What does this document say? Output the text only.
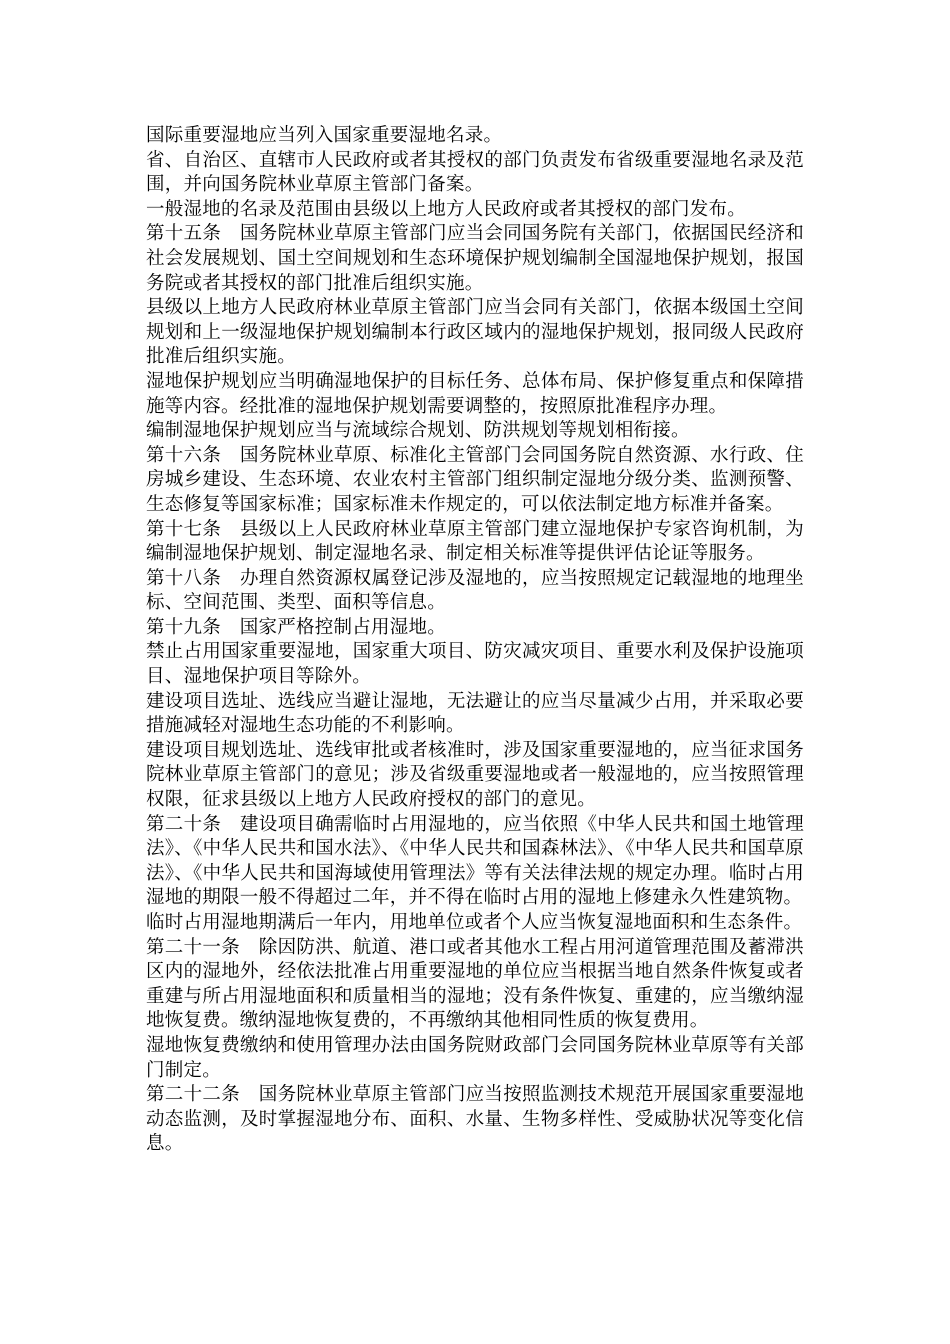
国际重要湿地应当列入国家重要湿地名录。

省、自治区、直辖市人民政府或者其授权的部门负责发布省级重要湿地名录及范围，并向国务院林业草原主管部门备案。

一般湿地的名录及范围由县级以上地方人民政府或者其授权的部门发布。

第十五条　国务院林业草原主管部门应当会同国务院有关部门，依据国民经济和社会发展规划、国土空间规划和生态环境保护规划编制全国湿地保护规划，报国务院或者其授权的部门批准后组织实施。

县级以上地方人民政府林业草原主管部门应当会同有关部门，依据本级国土空间规划和上一级湿地保护规划编制本行政区域内的湿地保护规划，报同级人民政府批准后组织实施。

湿地保护规划应当明确湿地保护的目标任务、总体布局、保护修复重点和保障措施等内容。经批准的湿地保护规划需要调整的，按照原批准程序办理。

编制湿地保护规划应当与流域综合规划、防洪规划等规划相衔接。

第十六条　国务院林业草原、标准化主管部门会同国务院自然资源、水行政、住房城乡建设、生态环境、农业农村主管部门组织制定湿地分级分类、监测预警、生态修复等国家标准；国家标准未作规定的，可以依法制定地方标准并备案。

第十七条　县级以上人民政府林业草原主管部门建立湿地保护专家咨询机制，为编制湿地保护规划、制定湿地名录、制定相关标准等提供评估论证等服务。

第十八条　办理自然资源权属登记涉及湿地的，应当按照规定记载湿地的地理坐标、空间范围、类型、面积等信息。

第十九条　国家严格控制占用湿地。

禁止占用国家重要湿地，国家重大项目、防灾减灾项目、重要水利及保护设施项目、湿地保护项目等除外。

建设项目选址、选线应当避让湿地，无法避让的应当尽量减少占用，并采取必要措施减轻对湿地生态功能的不利影响。

建设项目规划选址、选线审批或者核准时，涉及国家重要湿地的，应当征求国务院林业草原主管部门的意见；涉及省级重要湿地或者一般湿地的，应当按照管理权限，征求县级以上地方人民政府授权的部门的意见。

第二十条　建设项目确需临时占用湿地的，应当依照《中华人民共和国土地管理法》、《中华人民共和国水法》、《中华人民共和国森林法》、《中华人民共和国草原法》、《中华人民共和国海域使用管理法》等有关法律法规的规定办理。临时占用湿地的期限一般不得超过二年，并不得在临时占用的湿地上修建永久性建筑物。

临时占用湿地期满后一年内，用地单位或者个人应当恢复湿地面积和生态条件。

第二十一条　除因防洪、航道、港口或者其他水工程占用河道管理范围及蓄滞洪区内的湿地外，经依法批准占用重要湿地的单位应当根据当地自然条件恢复或者重建与所占用湿地面积和质量相当的湿地；没有条件恢复、重建的，应当缴纳湿地恢复费。缴纳湿地恢复费的，不再缴纳其他相同性质的恢复费用。

湿地恢复费缴纳和使用管理办法由国务院财政部门会同国务院林业草原等有关部门制定。

第二十二条　国务院林业草原主管部门应当按照监测技术规范开展国家重要湿地动态监测，及时掌握湿地分布、面积、水量、生物多样性、受威胁状况等变化信息。
